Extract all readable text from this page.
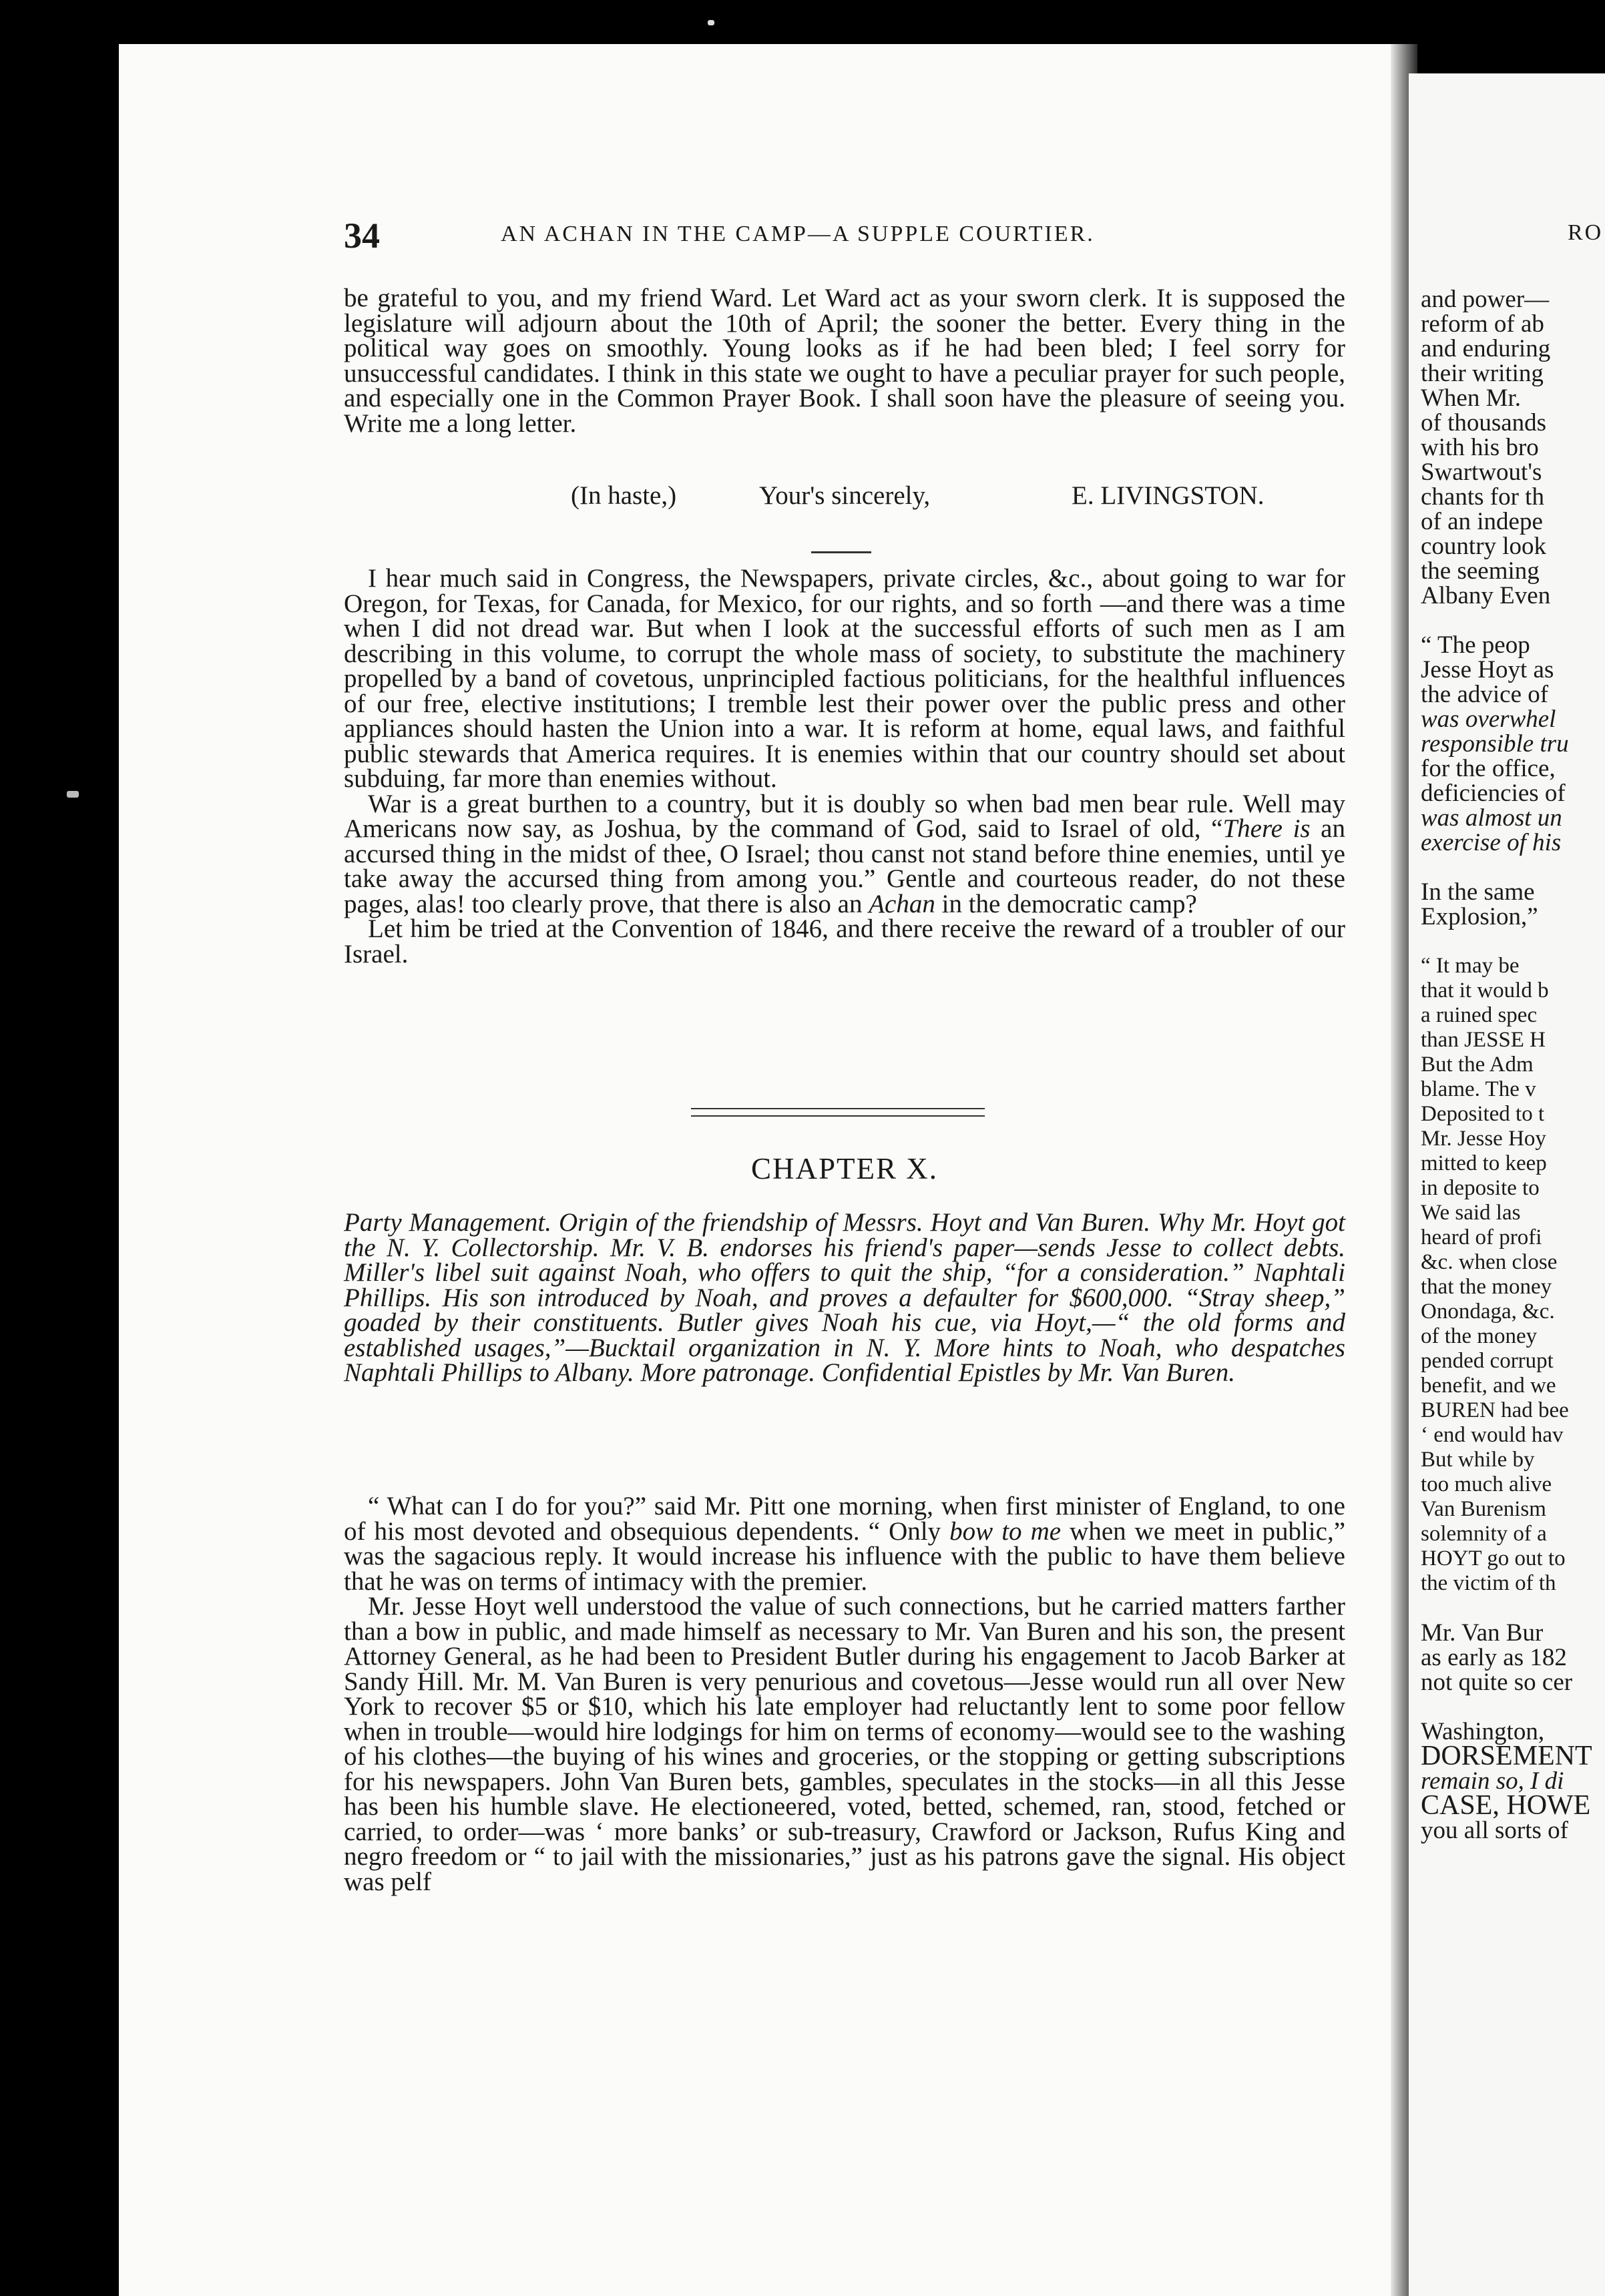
34	AN ACHAN IN THE CAMP—A SUPPLE COURTIER.	RO

be grateful to you, and my friend Ward. Let Ward act as your sworn clerk. It is supposed the legislature will adjourn about the 10th of April; the sooner the better. Every thing in the political way goes on smoothly. Young looks as if he had been bled; I feel sorry for unsuccessful candidates. I think in this state we ought to have a peculiar prayer for such people, and especially one in the Common Prayer Book. I shall soon have the pleasure of seeing you. Write me a long letter.

(In haste,)	Your's sincerely,	E. LIVINGSTON.

I hear much said in Congress, the Newspapers, private circles, &c., about going to war for Oregon, for Texas, for Canada, for Mexico, for our rights, and so forth —and there was a time when I did not dread war. But when I look at the successful efforts of such men as I am describing in this volume, to corrupt the whole mass of society, to substitute the machinery propelled by a band of covetous, unprincipled factious politicians, for the healthful influences of our free, elective institutions; I tremble lest their power over the public press and other appliances should hasten the Union into a war. It is reform at home, equal laws, and faithful public stewards that America requires. It is enemies within that our country should set about subduing, far more than enemies without.

War is a great burthen to a country, but it is doubly so when bad men bear rule. Well may Americans now say, as Joshua, by the command of God, said to Israel of old, “There is an accursed thing in the midst of thee, O Israel; thou canst not stand before thine enemies, until ye take away the accursed thing from among you.” Gentle and courteous reader, do not these pages, alas! too clearly prove, that there is also an Achan in the democratic camp?

Let him be tried at the Convention of 1846, and there receive the reward of a troubler of our Israel.

CHAPTER X.

Party Management. Origin of the friendship of Messrs. Hoyt and Van Buren. Why Mr. Hoyt got the N. Y. Collectorship. Mr. V. B. endorses his friend's paper—sends Jesse to collect debts. Miller's libel suit against Noah, who offers to quit the ship, “for a consideration.” Naphtali Phillips. His son introduced by Noah, and proves a defaulter for $600,000. “Stray sheep,” goaded by their constituents. Butler gives Noah his cue, via Hoyt,—“ the old forms and established usages,”—Bucktail organization in N. Y. More hints to Noah, who despatches Naphtali Phillips to Albany. More patronage. Confidential Epistles by Mr. Van Buren.

“ What can I do for you?” said Mr. Pitt one morning, when first minister of England, to one of his most devoted and obsequious dependents. “ Only bow to me when we meet in public,” was the sagacious reply. It would increase his influence with the public to have them believe that he was on terms of intimacy with the premier.

Mr. Jesse Hoyt well understood the value of such connections, but he carried matters farther than a bow in public, and made himself as necessary to Mr. Van Buren and his son, the present Attorney General, as he had been to President Butler during his engagement to Jacob Barker at Sandy Hill. Mr. M. Van Buren is very penurious and covetous—Jesse would run all over New York to recover $5 or $10, which his late employer had reluctantly lent to some poor fellow when in trouble—would hire lodgings for him on terms of economy—would see to the washing of his clothes—the buying of his wines and groceries, or the stopping or getting subscriptions for his newspapers. John Van Buren bets, gambles, speculates in the stocks—in all this Jesse has been his humble slave. He electioneered, voted, betted, schemed, ran, stood, fetched or carried, to order—was ‘ more banks’ or sub-treasury, Crawford or Jackson, Rufus King and negro freedom or “ to jail with the missionaries,” just as his patrons gave the signal. His object was pelf

and power—
reform of ab
and enduring
their writing
When Mr.
of thousands
with his bro
Swartwout's
chants for th
of an indepe
country look
the seeming
Albany Even
“ The peop
Jesse Hoyt as
the advice of
was overwhel
responsible tru
for the office,
deficiencies of
was almost un
exercise of his
In the same
Explosion,”
“ It may be
that it would b
a ruined spec
than JESSE H
But the Adm
blame. The v
Deposited to t
Mr. Jesse Hoy
mitted to keep
in deposite to
We said las
heard of profi
&c. when close
that the money
Onondaga, &c.
of the money
pended corrupt
benefit, and we
BUREN had bee
‘ end would hav
But while by
too much alive
Van Burenism
solemnity of a
HOYT go out to
the victim of th
Mr. Van Bur
as early as 182
not quite so cer
Washington,
DORSEMENT
remain so, I di
CASE, HOWE
you all sorts of
